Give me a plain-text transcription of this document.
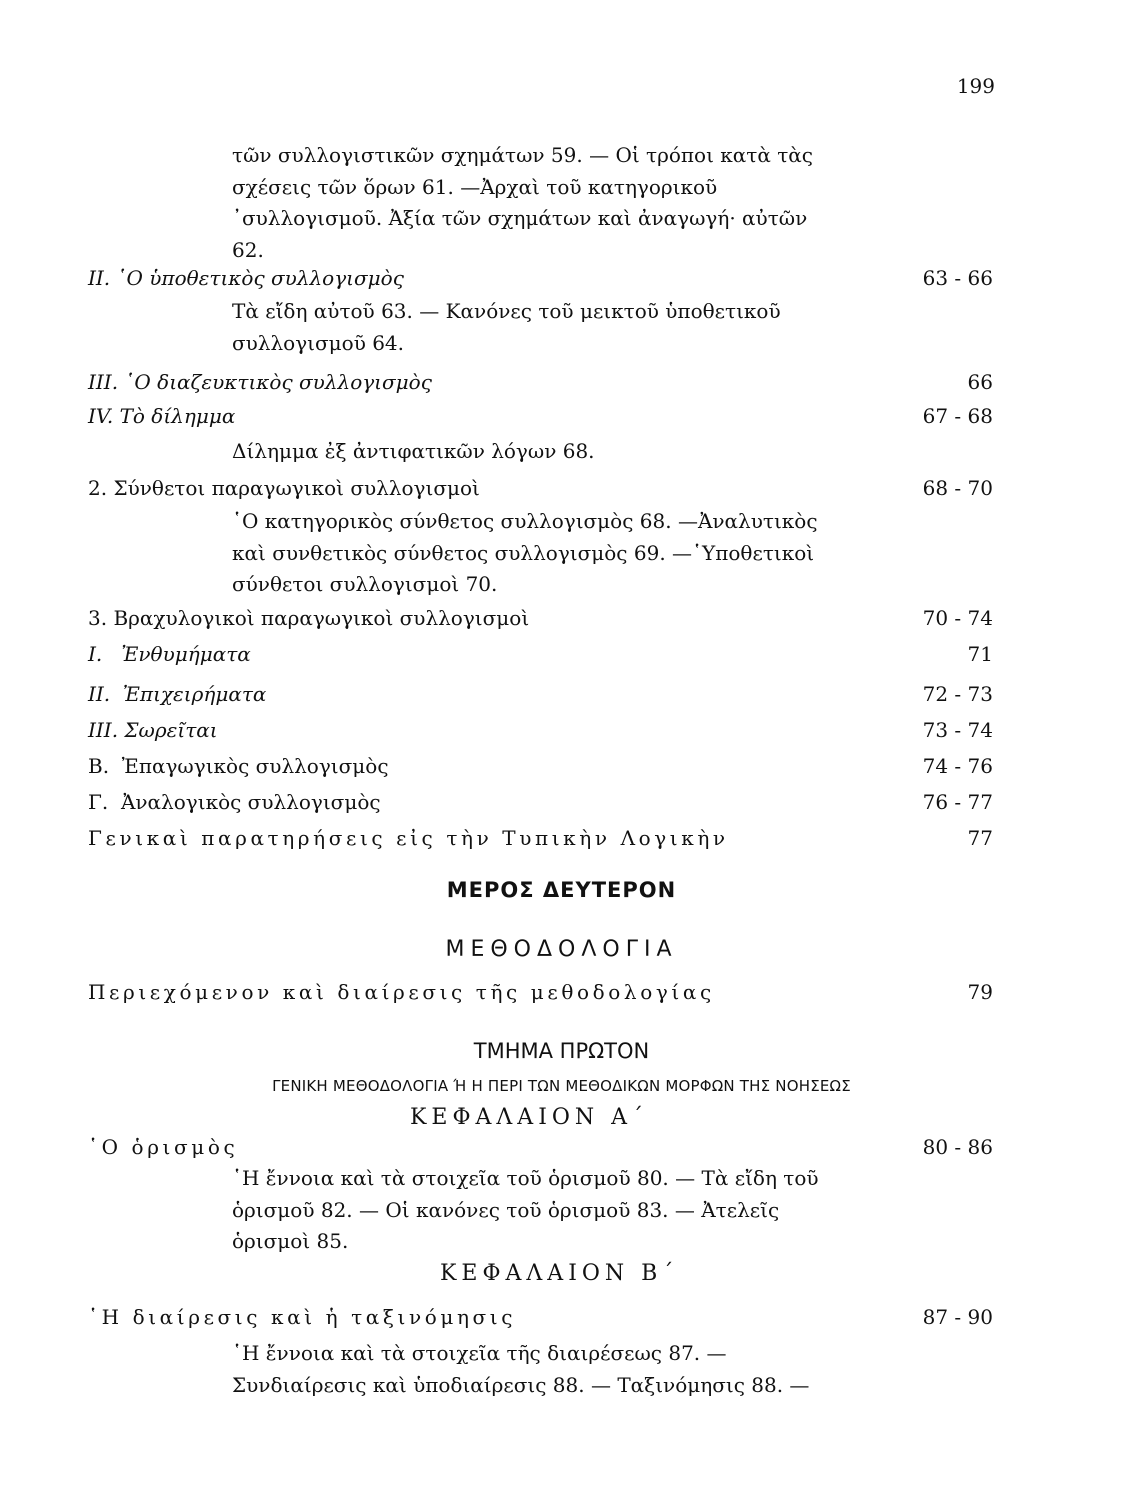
199
τῶν συλλογιστικῶν σχημάτων 59. — Οἱ τρόποι κατὰ τὰς σχέσεις τῶν ὅρων 61. —Ἀρχαὶ τοῦ κατηγορικοῦ ᾿συλλογισμοῦ. Ἀξία τῶν σχημάτων καὶ ἀναγωγή· αὐτῶν 62.
ΙΙ. ῾Ο ὑποθετικὸς συλλογισμὸς	63 - 66
Τὰ εἴδη αὐτοῦ 63. — Κανόνες τοῦ μεικτοῦ ὑποθετικοῦ συλλογισμοῦ 64.
ΙΙΙ. ῾Ο διαζευκτικὸς συλλογισμὸς	66
IV. Τὸ δίλημμα	67 - 68
Δίλημμα ἐξ ἀντιφατικῶν λόγων 68.
2. Σύνθετοι παραγωγικοὶ συλλογισμοὶ	68 - 70
῾Ο κατηγορικὸς σύνθετος συλλογισμὸς 68. —Ἀναλυτικὸς καὶ συνθετικὸς σύνθετος συλλογισμὸς 69. —῾Υποθετικοὶ σύνθετοι συλλογισμοὶ 70.
3. Βραχυλογικοὶ παραγωγικοὶ συλλογισμοὶ	70 - 74
Ι.   Ἐνθυμήματα	71
ΙΙ.  Ἐπιχειρήματα	72 - 73
ΙΙΙ. Σωρεῖται	73 - 74
Β.  Ἐπαγωγικὸς συλλογισμὸς	74 - 76
Γ.  Ἀναλογικὸς συλλογισμὸς	76 - 77
Γενικαὶ παρατηρήσεις εἰς τὴν Τυπικὴν Λογικὴν	77
ΜΕΡΟΣ ΔΕΥΤΕΡΟΝ
ΜΕΘΟΔΟΛΟΓΙΑ
Περιεχόμενον καὶ διαίρεσις τῆς μεθοδολογίας	79
ΤΜΗΜΑ ΠΡΩΤΟΝ
ΓΕΝΙΚΗ ΜΕΘΟΔΟΛΟΓΙΑ Ή Η ΠΕΡΙ ΤΩΝ ΜΕΘΟΔΙΚΩΝ ΜΟΡΦΩΝ ΤΗΣ ΝΟΗΣΕΩΣ
ΚΕΦΑΛΑΙΟΝ Α΄
῾Ο ὁρισμὸς	80 - 86
῾Η ἔννοια καὶ τὰ στοιχεῖα τοῦ ὁρισμοῦ 80. — Τὰ εἴδη τοῦ ὁρισμοῦ 82. — Οἱ κανόνες τοῦ ὁρισμοῦ 83. — Ἀτελεῖς ὁρισμοὶ 85.
ΚΕΦΑΛΑΙΟΝ Β΄
῾Η διαίρεσις καὶ ἡ ταξινόμησις	87 - 90
῾Η ἔννοια καὶ τὰ στοιχεῖα τῆς διαιρέσεως 87. — Συνδιαίρεσις καὶ ὑποδιαίρεσις 88. — Ταξινόμησις 88. —
